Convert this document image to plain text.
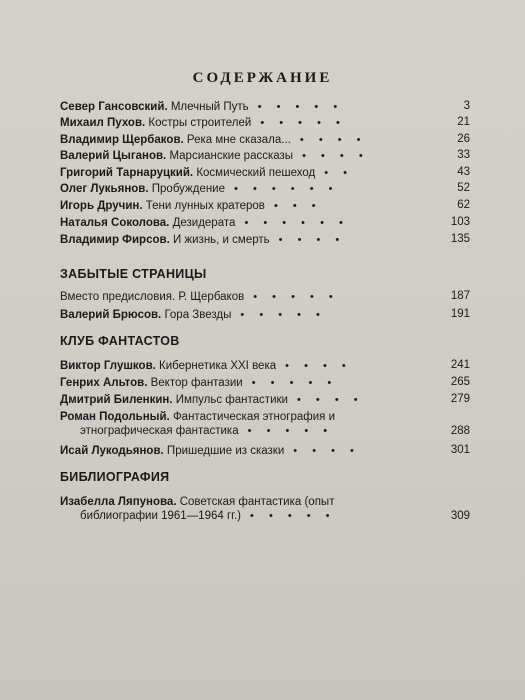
СОДЕРЖАНИЕ
Север Гансовский. Млечный Путь • • • • •	3
Михаил Пухов. Костры строителей • • • • •	21
Владимир Щербаков. Река мне сказала... • • • •	26
Валерий Цыганов. Марсианские рассказы • • • •	33
Григорий Тарнаруцкий. Космический пешеход • •	43
Олег Лукьянов. Пробуждение • • • • • •	52
Игорь Дручин. Тени лунных кратеров • • •	62
Наталья Соколова. Дезидерата • • • • • •	103
Владимир Фирсов. И жизнь, и смерть • • • •	135
ЗАБЫТЫЕ СТРАНИЦЫ
Вместо предисловия. Р. Щербаков • • • • •	187
Валерий Брюсов. Гора Звезды • • • • •	191
КЛУБ ФАНТАСТОВ
Виктор Глушков. Кибернетика XXI века • • • •	241
Генрих Альтов. Вектор фантазии • • • • •	265
Дмитрий Биленкин. Импульс фантастики • • • •	279
Роман Подольный. Фантастическая этнография и
этнографическая фантастика • • • • •	288
Исай Лукодьянов. Пришедшие из сказки • • • •	301
БИБЛИОГРАФИЯ
Изабелла Ляпунова. Советская фантастика (опыт
библиографии 1961—1964 гг.) • • • • •	309
